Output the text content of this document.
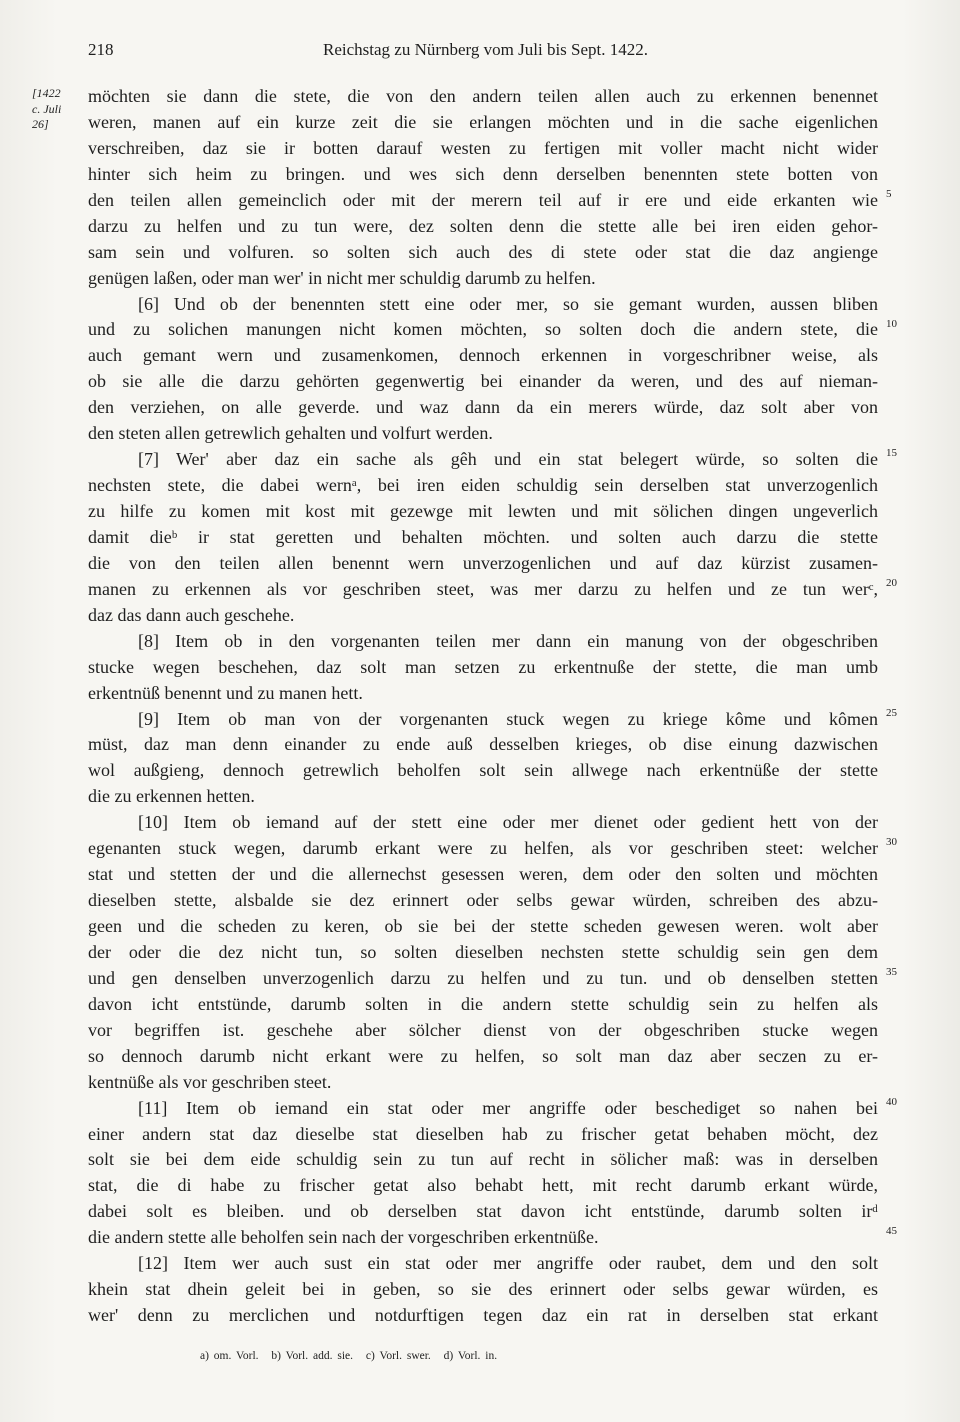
218	Reichstag zu Nürnberg vom Juli bis Sept. 1422.
[1422
c. Juli
26]
möchten sie dann die stete, die von den andern teilen allen auch zu erkennen benennet
weren, manen auf ein kurze zeit die sie erlangen möchten und in die sache eigenlichen
verschreiben, daz sie ir botten darauf westen zu fertigen mit voller macht nicht wider
hinter sich heim zu bringen. und wes sich denn derselben benennten stete botten von
den teilen allen gemeinclich oder mit der merern teil auf ir ere und eide erkanten wie
darzu zu helfen und zu tun were, dez solten denn die stette alle bei iren eiden gehor-
sam sein und volfuren. so solten sich auch des di stete oder stat die daz angienge
genügen laßen, oder man wer' in nicht mer schuldig darumb zu helfen.
[6] Und ob der benennten stett eine oder mer, so sie gemant wurden, aussen bliben
und zu solichen manungen nicht komen möchten, so solten doch die andern stete, die
auch gemant wern und zusamenkomen, dennoch erkennen in vorgeschribner weise, als
ob sie alle die darzu gehörten gegenwertig bei einander da weren, und des auf nieman-
den verziehen, on alle geverde. und waz dann da ein merers würde, daz solt aber von
den steten allen getrewlich gehalten und volfurt werden.
[7] Wer' aber daz ein sache als gêh und ein stat belegert würde, so solten die
nechsten stete, die dabei wernᵃ, bei iren eiden schuldig sein derselben stat unverzogenlich
zu hilfe zu komen mit kost mit gezewge mit lewten und mit sölichen dingen ungeverlich
damit dieᵇ ir stat geretten und behalten möchten. und solten auch darzu die stette
die von den teilen allen benennt wern unverzogenlichen und auf daz kürzist zusamen-
manen zu erkennen als vor geschriben steet, was mer darzu zu helfen und ze tun werᶜ,
daz das dann auch geschehe.
[8] Item ob in den vorgenanten teilen mer dann ein manung von der obgeschriben
stucke wegen beschehen, daz solt man setzen zu erkentnuße der stette, die man umb
erkentnüß benennt und zu manen hett.
[9] Item ob man von der vorgenanten stuck wegen zu kriege kôme und kômen
müst, daz man denn einander zu ende auß desselben krieges, ob dise einung dazwischen
wol außgieng, dennoch getrewlich beholfen solt sein allwege nach erkentnüße der stette
die zu erkennen hetten.
[10] Item ob iemand auf der stett eine oder mer dienet oder gedient hett von der
egenanten stuck wegen, darumb erkant were zu helfen, als vor geschriben steet: welcher
stat und stetten der und die allernechst gesessen weren, dem oder den solten und möchten
dieselben stette, alsbalde sie dez erinnert oder selbs gewar würden, schreiben des abzu-
geen und die scheden zu keren, ob sie bei der stette scheden gewesen weren. wolt aber
der oder die dez nicht tun, so solten dieselben nechsten stette schuldig sein gen dem
und gen denselben unverzogenlich darzu zu helfen und zu tun. und ob denselben stetten
davon icht entstünde, darumb solten in die andern stette schuldig sein zu helfen als
vor begriffen ist. geschehe aber sölcher dienst von der obgeschriben stucke wegen
so dennoch darumb nicht erkant were zu helfen, so solt man daz aber seczen zu er-
kentnüße als vor geschriben steet.
[11] Item ob iemand ein stat oder mer angriffe oder beschediget so nahen bei
einer andern stat daz dieselbe stat dieselben hab zu frischer getat behaben möcht, dez
solt sie bei dem eide schuldig sein zu tun auf recht in sölicher maß: was in derselben
stat, die di habe zu frischer getat also behabt hett, mit recht darumb erkant würde,
dabei solt es bleiben. und ob derselben stat davon icht entstünde, darumb solten irᵈ
die andern stette alle beholfen sein nach der vorgeschriben erkentnüße.
[12] Item wer auch sust ein stat oder mer angriffe oder raubet, dem und den solt
khein stat dhein geleit bei in geben, so sie des erinnert oder selbs gewar würden, es
wer' denn zu merclichen und notdurftigen tegen daz ein rat in derselben stat erkant
5
10
15
20
25
30
35
40
45
a) om. Vorl. b) Vorl. add. sie. c) Vorl. swer. d) Vorl. in.
